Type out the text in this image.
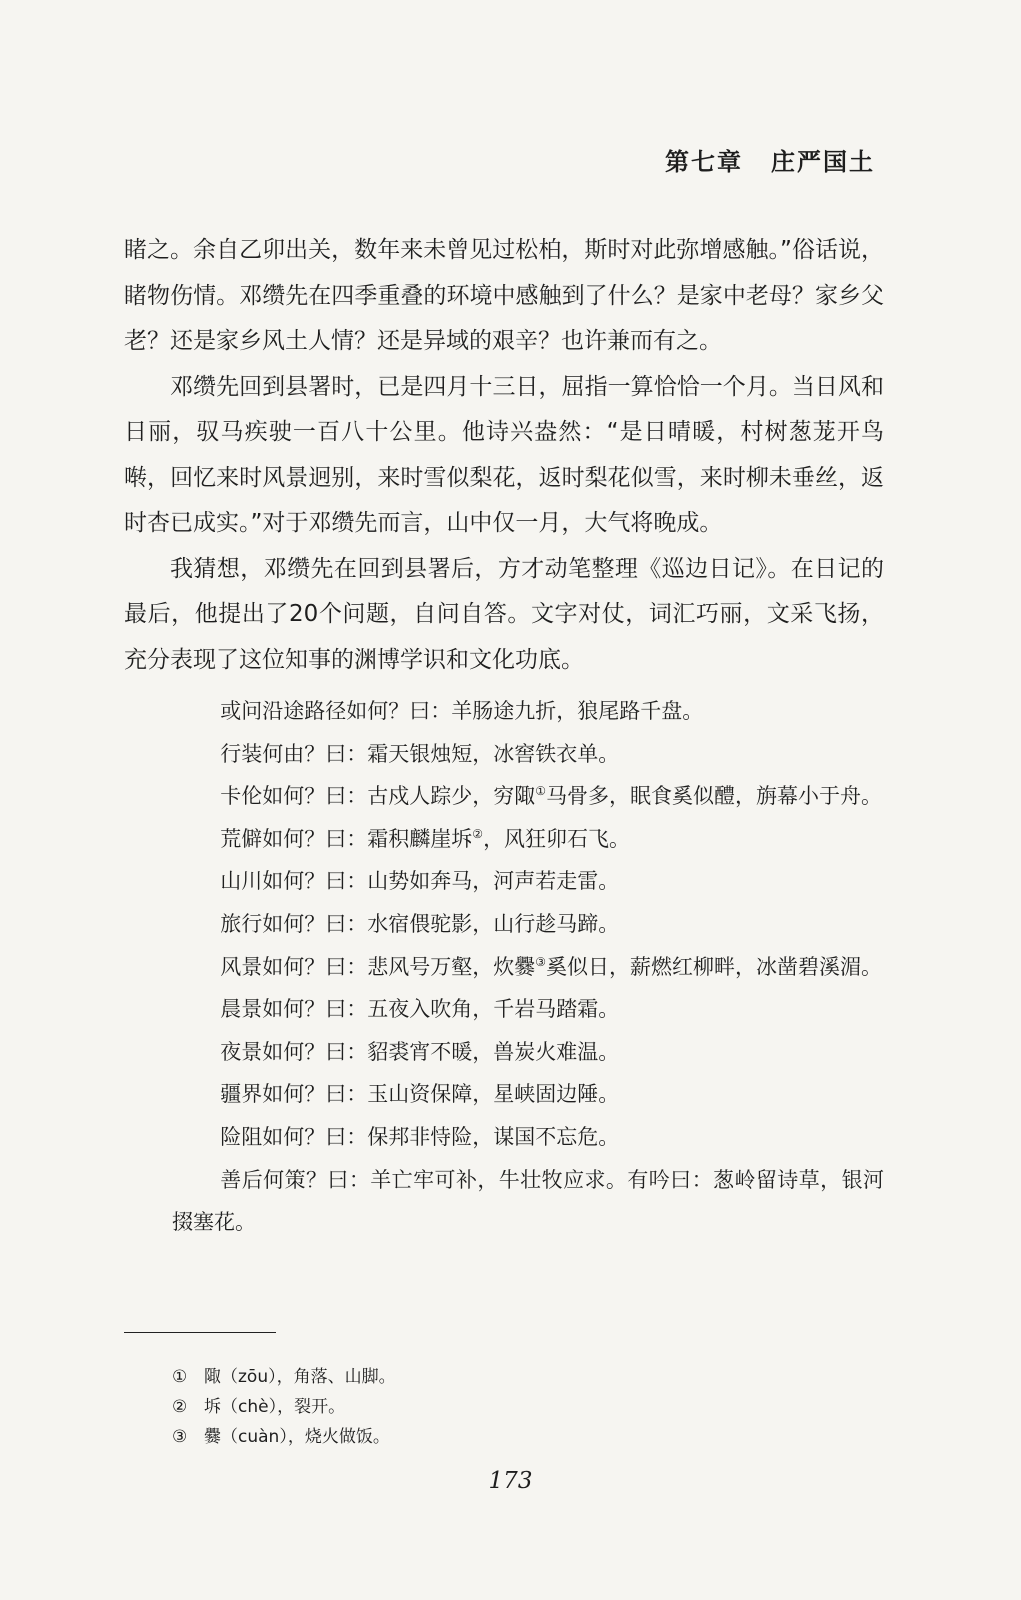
第七章 庄严国土

睹之。余自乙卯出关，数年来未曾见过松柏，斯时对此弥增感触。”俗话说，睹物伤情。邓缵先在四季重叠的环境中感触到了什么？是家中老母？家乡父老？还是家乡风土人情？还是异域的艰辛？也许兼而有之。

邓缵先回到县署时，已是四月十三日，屈指一算恰恰一个月。当日风和日丽，驭马疾驶一百八十公里。他诗兴盎然：“是日晴暖，村树葱茏开鸟啭，回忆来时风景迥别，来时雪似梨花，返时梨花似雪，来时柳未垂丝，返时杏已成实。”对于邓缵先而言，山中仅一月，大气将晚成。

我猜想，邓缵先在回到县署后，方才动笔整理《巡边日记》。在日记的最后，他提出了20个问题，自问自答。文字对仗，词汇巧丽，文采飞扬，充分表现了这位知事的渊博学识和文化功底。

或问沿途路径如何？曰：羊肠途九折，狼尾路千盘。

行装何由？曰：霜天银烛短，冰窖铁衣单。

卡伦如何？曰：古戍人踪少，穷陬①马骨多，眠食奚似醴，旃幕小于舟。

荒僻如何？曰：霜积麟崖坼②，风狂卯石飞。

山川如何？曰：山势如奔马，河声若走雷。

旅行如何？曰：水宿偎驼影，山行趁马蹄。

风景如何？曰：悲风号万壑，炊爨③奚似日，薪燃红柳畔，冰凿碧溪湄。

晨景如何？曰：五夜入吹角，千岩马踏霜。

夜景如何？曰：貂裘宵不暖，兽炭火难温。

疆界如何？曰：玉山资保障，星峡固边陲。

险阻如何？曰：保邦非恃险，谋国不忘危。

善后何策？曰：羊亡牢可补，牛壮牧应求。有吟曰：葱岭留诗草，银河掇塞花。

① 陬（zōu），角落、山脚。
② 坼（chè），裂开。
③ 爨（cuàn），烧火做饭。
173
